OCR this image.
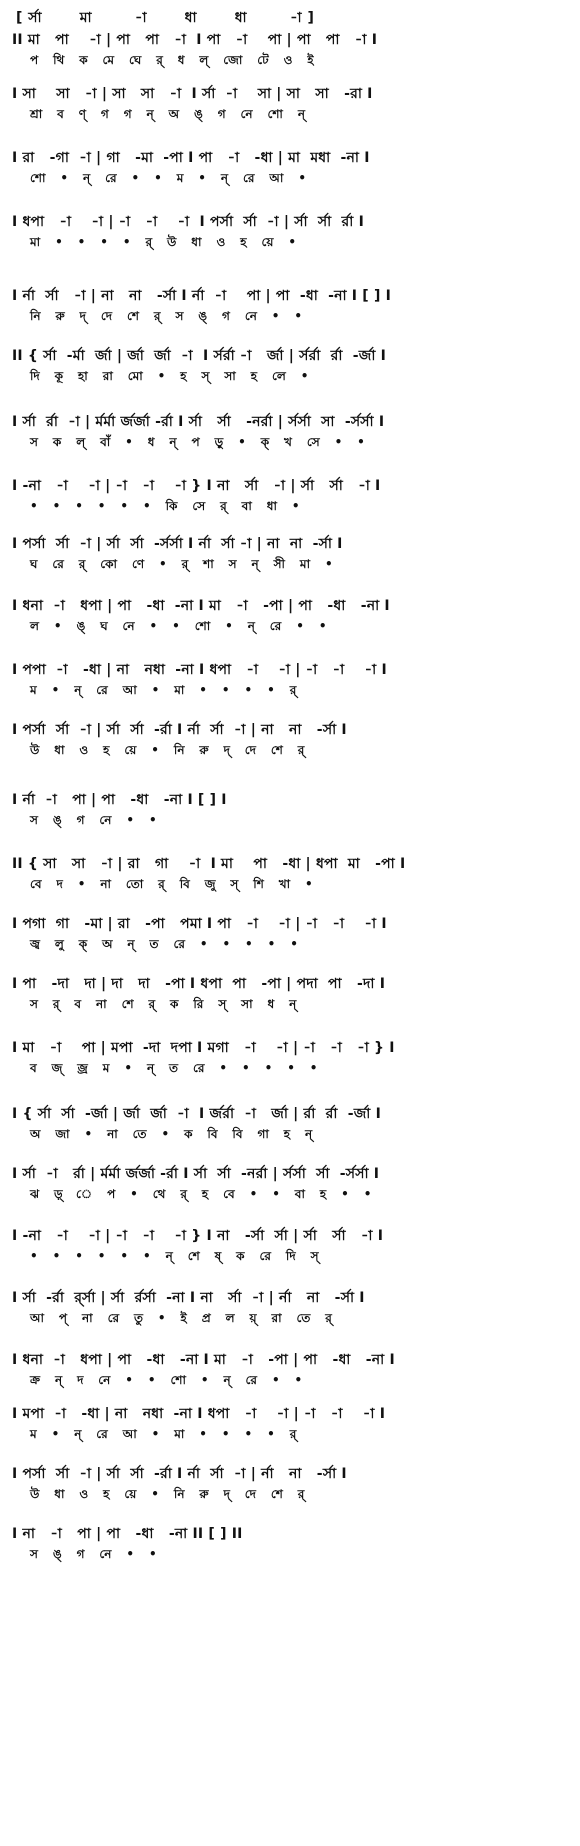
[ র্সা       মা        -া       ধা       ধা        -া ]
II মা   পা    -া | পা   পা   -া  I পা   -া    পা | পা   পা   -া I
প   থি   ক   মে   ঘে   র্   ধ   ল্   জো   টে   ও   ই
I সা    সা   -া | সা   সা   -া  I র্সা  -া    সা | সা   সা   -রা I
শ্রা   ব   ণ্   গ   গ   ন্   অ   ঙ্   গ   নে   শো   ন্
I রা   -গা  -া | গা   -মা  -পা I পা   -া   -ধা | মা  মধা  -না I
শো   •   ন্   রে   •   •   ম   •   ন্   রে   আ   •
I ধপা   -া    -া | -া   -া    -া  I পর্সা  র্সা  -া | র্সা  র্সা  র্রা I
মা   •   •   •   •   র্   উ   ধা   ও   হ   য়ে   •
I র্না  র্সা   -া | না   না   -র্সা I র্না  -া    পা | পা  -ধা  -না I [ ] I
নি   রু   দ্   দে   শে   র্   স   ঙ্   গ   নে   •   •
II { র্সা  -র্মা  র্জা | র্জা  র্জা  -া  I র্সর্রা -া   র্জা | র্সর্রা  র্রা  -র্জা I
দি   কূ   হা   রা   মো   •   হ   স্   সা   হ   লে   •
I র্সা  র্রা  -া | র্মর্মা র্জর্জা -র্রা I র্সা   র্সা   -নর্রা | র্সর্সা  সা  -র্সর্সা I
স   ক   ল্   বাঁ   •   ধ   ন্   প   ড়ু   •   ক্   খ   সে   •   •
I -না   -া    -া | -া   -া    -া } I না   র্সা   -া | র্সা   র্সা   -া I
•   •   •   •   •   •   কি   সে   র্   বা   ধা   •
I পর্সা  র্সা  -া | র্সা  র্সা  -র্সর্সা I র্না  র্সা -া | না  না  -র্সা I
ঘ   রে   র্   কো   ণে   •   র্   শা   স   ন্   সী   মা   •
I ধনা  -া   ধপা | পা   -ধা  -না I মা   -া   -পা | পা   -ধা   -না I
ল   •   ঙ্   ঘ   নে   •   •   শো   •   ন্   রে   •   •
I পপা  -া   -ধা | না   নধা  -না I ধপা   -া    -া | -া   -া    -া I
ম   •   ন্   রে   আ   •   মা   •   •   •   •   র্
I পর্সা  র্সা  -া | র্সা  র্সা  -র্রা I র্না  র্সা  -া | না   না   -র্সা I
উ   ধা   ও   হ   য়ে   •   নি   রু   দ্   দে   শে   র্
I র্না  -া   পা | পা   -ধা   -না I [ ] I
স   ঙ্   গ   নে   •   •
II { সা   সা   -া | রা   গা    -া  I মা    পা   -ধা | ধপা  মা   -পা I
বে   দ   •   না   তো   র্   বি   জু   স্   শি   খা   •
I পগা  গা   -মা | রা   -পা   পমা I পা   -া    -া | -া   -া    -া I
জ্ব   লু   ক্   অ   ন্   ত   রে   •   •   •   •   •
I পা   -দা   দা | দা   দা   -পা I ধপা  পা   -পা | পদা  পা   -দা I
স   র্   ব   না   শে   র্   ক   রি   স্   সা   ধ   ন্
I মা   -া    পা | মপা  -দা  দপা I মগা   -া    -া | -া   -া   -া } I
ব   জ্   জ্র   ম   •   ন্   ত   রে   •   •   •   •   •
I { র্সা  র্সা  -র্জা | র্জা  র্জা  -া  I র্জর্রা  -া   র্জা | র্রা  র্রা  -র্জা I
অ   জা   •   না   তে   •   ক   বি   বি   গা   হ   ন্
I র্সা  -া   র্রা | র্মর্মা র্জর্জা -র্রা I র্সা  র্সা  -নর্রা | র্সর্সা  র্সা  -র্সর্সা I
ঝ   ড়্   ে   প   •   থে   র্   হ   বে   •   •   বা   হ   •   •
I -না   -া    -া | -া   -া    -া } I না   -র্সা  র্সা | র্সা   র্সা   -া I
•   •   •   •   •   •   ন্   শে   ষ্   ক   রে   দি   স্
I র্সা  -র্রা  র্র্সা | র্সা  র্রর্সা  -না I না   র্সা  -া | র্না   না   -র্সা I
আ   প্   না   রে   তু   •   ই   প্র   ল   য়্   রা   তে   র্
I ধনা  -া   ধপা | পা   -ধা   -না I মা   -া   -পা | পা   -ধা   -না I
ক্র   ন্   দ   নে   •   •   শো   •   ন্   রে   •   •
I মপা  -া   -ধা | না   নধা  -না I ধপা   -া    -া | -া   -া    -া I
ম   •   ন্   রে   আ   •   মা   •   •   •   •   র্
I পর্সা  র্সা  -া | র্সা  র্সা  -র্রা I র্না  র্সা  -া | র্না   না   -র্সা I
উ   ধা   ও   হ   য়ে   •   নি   রু   দ্   দে   শে   র্
I না   -া   পা | পা   -ধা   -না II [ ] II
স   ঙ্   গ   নে   •   •
